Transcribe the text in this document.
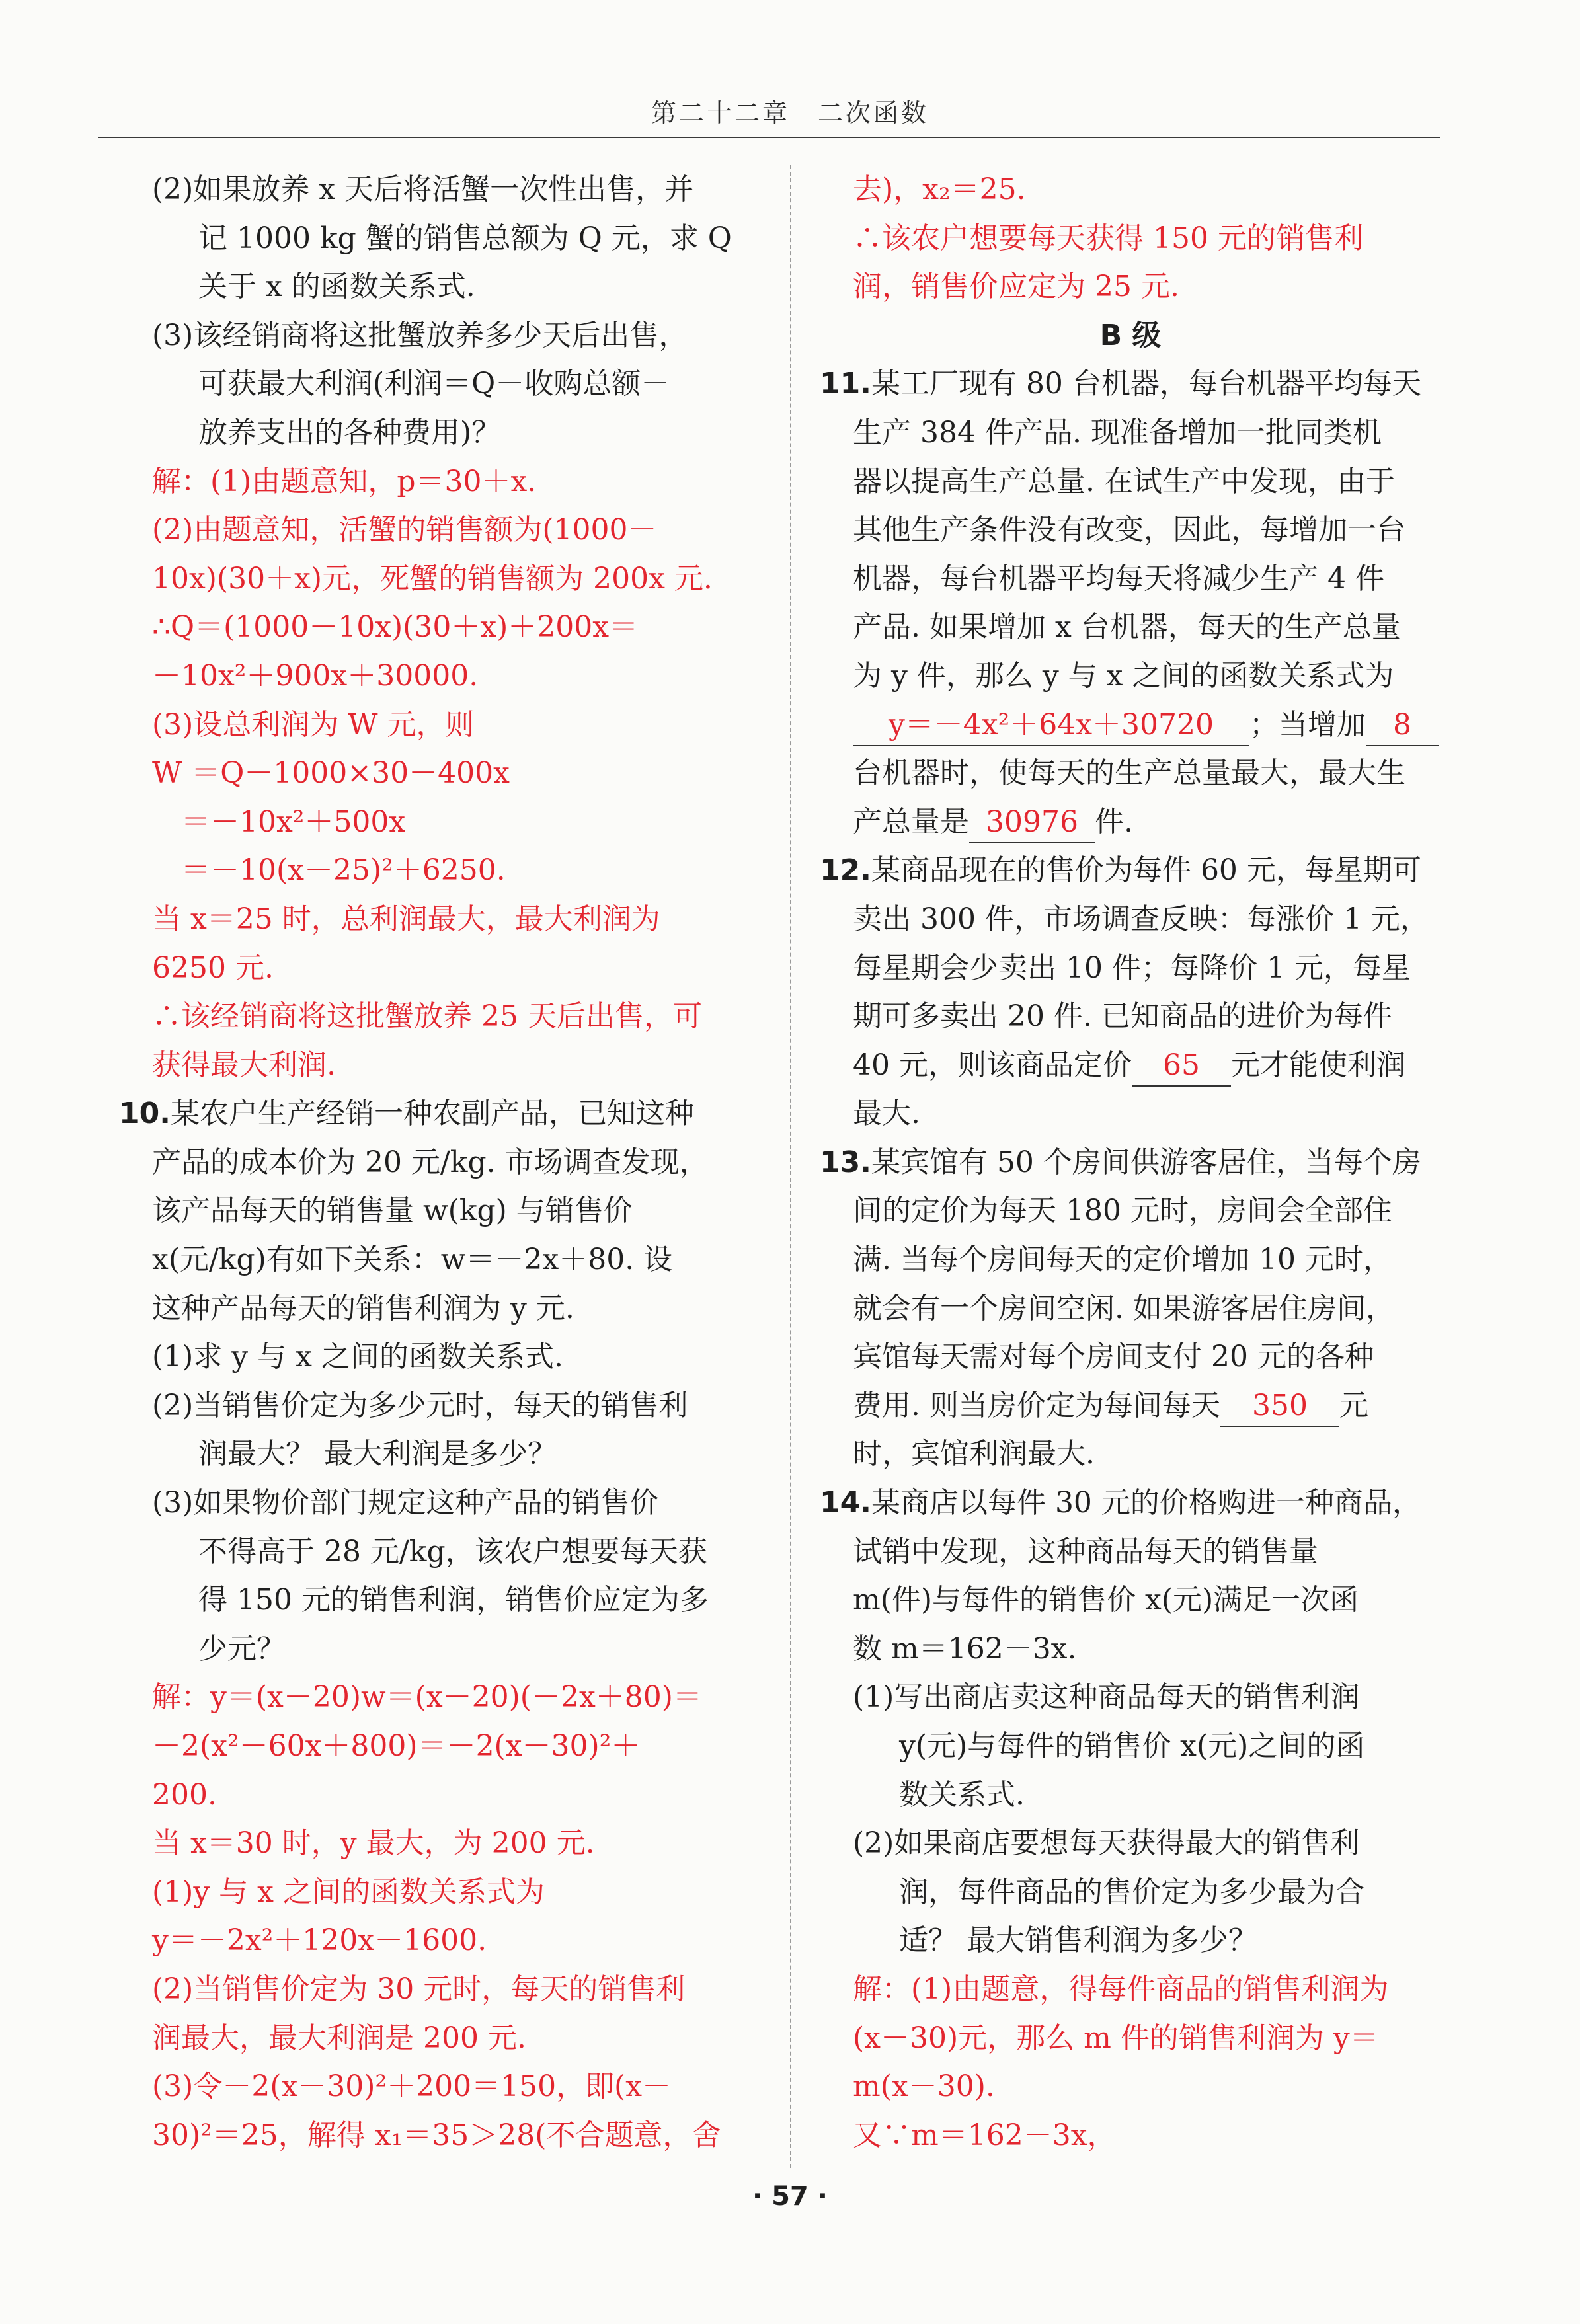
第二十二章　二次函数
(2)如果放养 x 天后将活蟹一次性出售，并
记 1000 kg 蟹的销售总额为 Q 元，求 Q
关于 x 的函数关系式.
(3)该经销商将这批蟹放养多少天后出售，
可获最大利润(利润＝Q－收购总额－
放养支出的各种费用)？
解：(1)由题意知，p＝30＋x.
(2)由题意知，活蟹的销售额为(1000－
10x)(30＋x)元，死蟹的销售额为 200x 元.
∴Q＝(1000－10x)(30＋x)＋200x＝
－10x²＋900x＋30000.
(3)设总利润为 W 元，则
W ＝Q－1000×30－400x
　＝－10x²＋500x
　＝－10(x－25)²＋6250.
当 x＝25 时，总利润最大，最大利润为
6250 元.
∴该经销商将这批蟹放养 25 天后出售，可
获得最大利润.
10.某农户生产经销一种农副产品，已知这种
产品的成本价为 20 元/kg. 市场调查发现，
该产品每天的销售量 w(kg) 与销售价
x(元/kg)有如下关系：w＝－2x＋80. 设
这种产品每天的销售利润为 y 元.
(1)求 y 与 x 之间的函数关系式.
(2)当销售价定为多少元时，每天的销售利
润最大？ 最大利润是多少？
(3)如果物价部门规定这种产品的销售价
不得高于 28 元/kg，该农户想要每天获
得 150 元的销售利润，销售价应定为多
少元？
解：y＝(x－20)w＝(x－20)(－2x＋80)＝
－2(x²－60x＋800)＝－2(x－30)²＋
200.
当 x＝30 时，y 最大，为 200 元.
(1)y 与 x 之间的函数关系式为
y＝－2x²＋120x－1600.
(2)当销售价定为 30 元时，每天的销售利
润最大，最大利润是 200 元.
(3)令－2(x－30)²＋200＝150，即(x－
30)²＝25，解得 x₁＝35＞28(不合题意，舍
去)，x₂＝25.
∴该农户想要每天获得 150 元的销售利
润，销售价应定为 25 元.
B 级
11.某工厂现有 80 台机器，每台机器平均每天
生产 384 件产品. 现准备增加一批同类机
器以提高生产总量. 在试生产中发现，由于
其他生产条件没有改变，因此，每增加一台
机器，每台机器平均每天将减少生产 4 件
产品. 如果增加 x 台机器，每天的生产总量
为 y 件，那么 y 与 x 之间的函数关系式为
y＝－4x²＋64x＋30720 ；当增加 8
台机器时，使每天的生产总量最大，最大生
产总量是 30976 件.
12.某商品现在的售价为每件 60 元，每星期可
卖出 300 件，市场调查反映：每涨价 1 元，
每星期会少卖出 10 件；每降价 1 元，每星
期可多卖出 20 件. 已知商品的进价为每件
40 元，则该商品定价 65 元才能使利润
最大.
13.某宾馆有 50 个房间供游客居住，当每个房
间的定价为每天 180 元时，房间会全部住
满. 当每个房间每天的定价增加 10 元时，
就会有一个房间空闲. 如果游客居住房间，
宾馆每天需对每个房间支付 20 元的各种
费用. 则当房价定为每间每天 350 元
时，宾馆利润最大.
14.某商店以每件 30 元的价格购进一种商品，
试销中发现，这种商品每天的销售量
m(件)与每件的销售价 x(元)满足一次函
数 m＝162－3x.
(1)写出商店卖这种商品每天的销售利润
y(元)与每件的销售价 x(元)之间的函
数关系式.
(2)如果商店要想每天获得最大的销售利
润，每件商品的售价定为多少最为合
适？ 最大销售利润为多少？
解：(1)由题意，得每件商品的销售利润为
(x－30)元，那么 m 件的销售利润为 y＝
m(x－30).
又∵m＝162－3x，
· 57 ·
